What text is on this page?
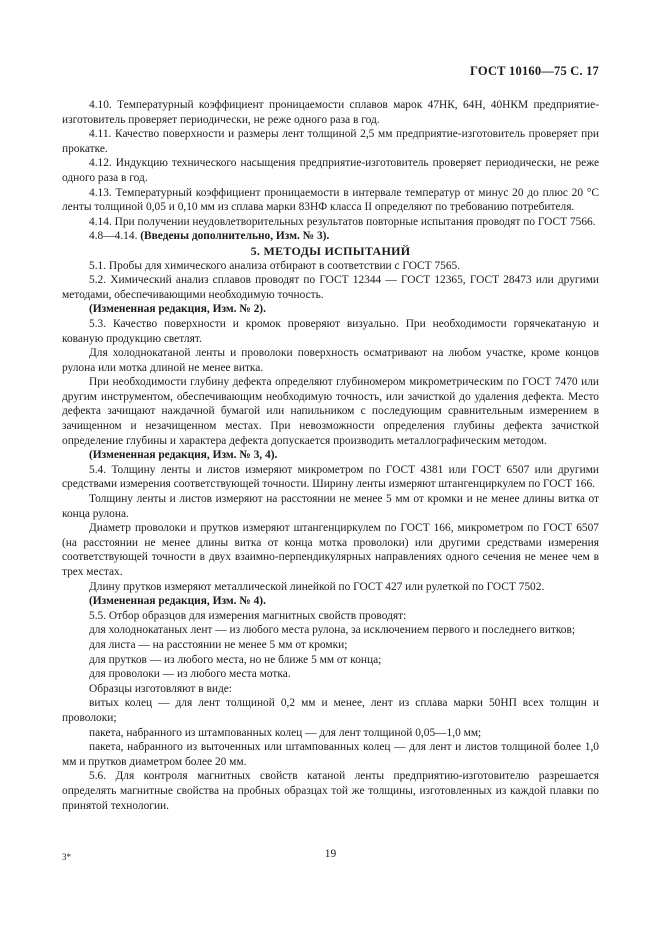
ГОСТ 10160—75 С. 17

4.10. Температурный коэффициент проницаемости сплавов марок 47НК, 64Н, 40НКМ предприятие-изготовитель проверяет периодически, не реже одного раза в год.

4.11. Качество поверхности и размеры лент толщиной 2,5 мм предприятие-изготовитель проверяет при прокатке.

4.12. Индукцию технического насыщения предприятие-изготовитель проверяет периодически, не реже одного раза в год.

4.13. Температурный коэффициент проницаемости в интервале температур от минус 20 до плюс 20 °С ленты толщиной 0,05 и 0,10 мм из сплава марки 83НФ класса II определяют по требованию потребителя.

4.14. При получении неудовлетворительных результатов повторные испытания проводят по ГОСТ 7566.

4.8—4.14. (Введены дополнительно, Изм. № 3).

5. МЕТОДЫ ИСПЫТАНИЙ

5.1. Пробы для химического анализа отбирают в соответствии с ГОСТ 7565.

5.2. Химический анализ сплавов проводят по ГОСТ 12344 — ГОСТ 12365, ГОСТ 28473 или другими методами, обеспечивающими необходимую точность.

(Измененная редакция, Изм. № 2).

5.3. Качество поверхности и кромок проверяют визуально. При необходимости горячекатаную и кованую продукцию светлят.

Для холоднокатаной ленты и проволоки поверхность осматривают на любом участке, кроме концов рулона или мотка длиной не менее витка.

При необходимости глубину дефекта определяют глубиномером микрометрическим по ГОСТ 7470 или другим инструментом, обеспечивающим необходимую точность, или зачисткой до удаления дефекта. Место дефекта зачищают наждачной бумагой или напильником с последующим сравнительным измерением в зачищенном и незачищенном местах. При невозможности определения глубины дефекта зачисткой определение глубины и характера дефекта допускается производить металлографическим методом.

(Измененная редакция, Изм. № 3, 4).

5.4. Толщину ленты и листов измеряют микрометром по ГОСТ 4381 или ГОСТ 6507 или другими средствами измерения соответствующей точности. Ширину ленты измеряют штангенциркулем по ГОСТ 166.

Толщину ленты и листов измеряют на расстоянии не менее 5 мм от кромки и не менее длины витка от конца рулона.

Диаметр проволоки и прутков измеряют штангенциркулем по ГОСТ 166, микрометром по ГОСТ 6507 (на расстоянии не менее длины витка от конца мотка проволоки) или другими средствами измерения соответствующей точности в двух взаимно-перпендикулярных направлениях одного сечения не менее чем в трех местах.

Длину прутков измеряют металлической линейкой по ГОСТ 427 или рулеткой по ГОСТ 7502.

(Измененная редакция, Изм. № 4).

5.5. Отбор образцов для измерения магнитных свойств проводят:

для холоднокатаных лент — из любого места рулона, за исключением первого и последнего витков;

для листа — на расстоянии не менее 5 мм от кромки;

для прутков — из любого места, но не ближе 5 мм от конца;

для проволоки — из любого места мотка.

Образцы изготовляют в виде:

витых колец — для лент толщиной 0,2 мм и менее, лент из сплава марки 50НП всех толщин и проволоки;

пакета, набранного из штампованных колец — для лент толщиной 0,05—1,0 мм;

пакета, набранного из выточенных или штампованных колец — для лент и листов толщиной более 1,0 мм и прутков диаметром более 20 мм.

5.6. Для контроля магнитных свойств катаной ленты предприятию-изготовителю разрешается определять магнитные свойства на пробных образцах той же толщины, изготовленных из каждой плавки по принятой технологии.

3*	19
